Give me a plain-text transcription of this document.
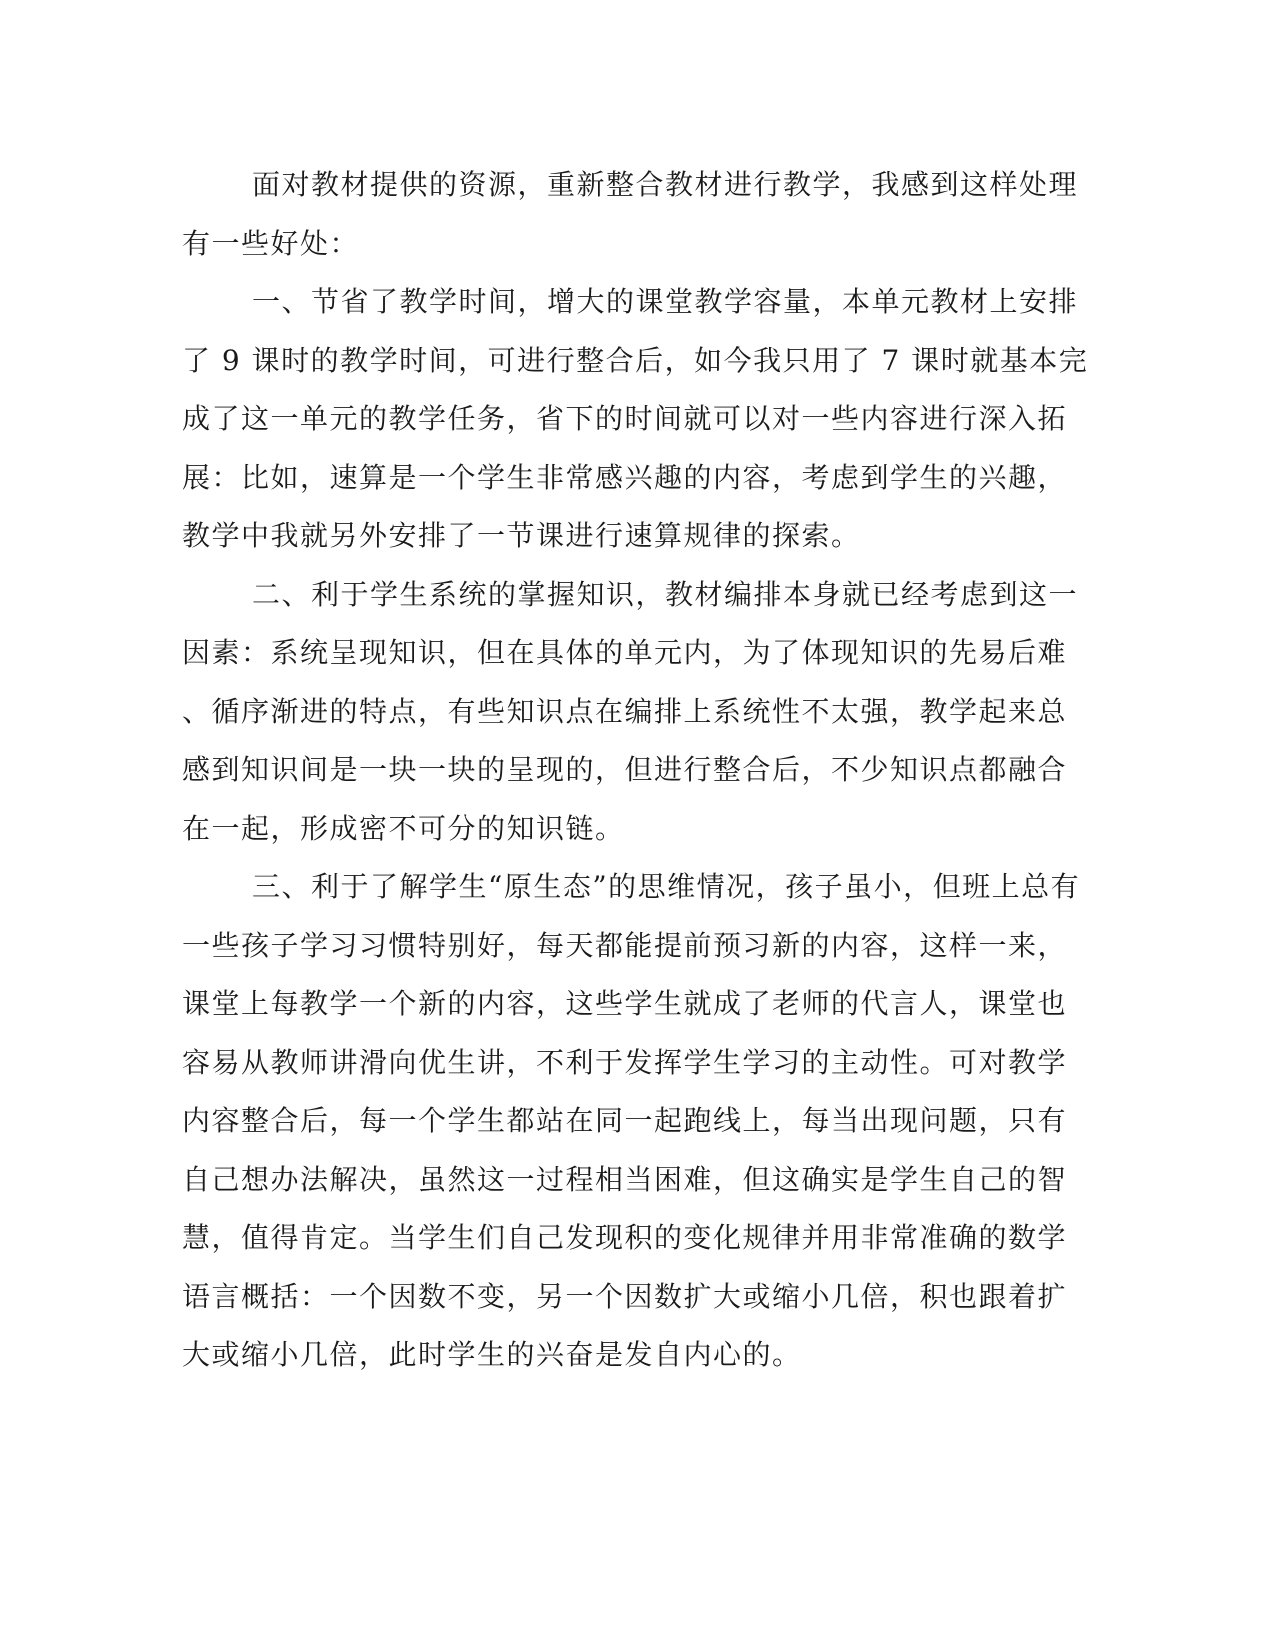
面对教材提供的资源，重新整合教材进行教学，我感到这样处理
有一些好处：
一、节省了教学时间，增大的课堂教学容量，本单元教材上安排
了 9 课时的教学时间，可进行整合后，如今我只用了 7 课时就基本完
成了这一单元的教学任务，省下的时间就可以对一些内容进行深入拓
展：比如，速算是一个学生非常感兴趣的内容，考虑到学生的兴趣，
教学中我就另外安排了一节课进行速算规律的探索。
二、利于学生系统的掌握知识，教材编排本身就已经考虑到这一
因素：系统呈现知识，但在具体的单元内，为了体现知识的先易后难
、循序渐进的特点，有些知识点在编排上系统性不太强，教学起来总
感到知识间是一块一块的呈现的，但进行整合后，不少知识点都融合
在一起，形成密不可分的知识链。
三、利于了解学生“原生态”的思维情况，孩子虽小，但班上总有
一些孩子学习习惯特别好，每天都能提前预习新的内容，这样一来，
课堂上每教学一个新的内容，这些学生就成了老师的代言人，课堂也
容易从教师讲滑向优生讲，不利于发挥学生学习的主动性。可对教学
内容整合后，每一个学生都站在同一起跑线上，每当出现问题，只有
自己想办法解决，虽然这一过程相当困难，但这确实是学生自己的智
慧，值得肯定。当学生们自己发现积的变化规律并用非常准确的数学
语言概括：一个因数不变，另一个因数扩大或缩小几倍，积也跟着扩
大或缩小几倍，此时学生的兴奋是发自内心的。
